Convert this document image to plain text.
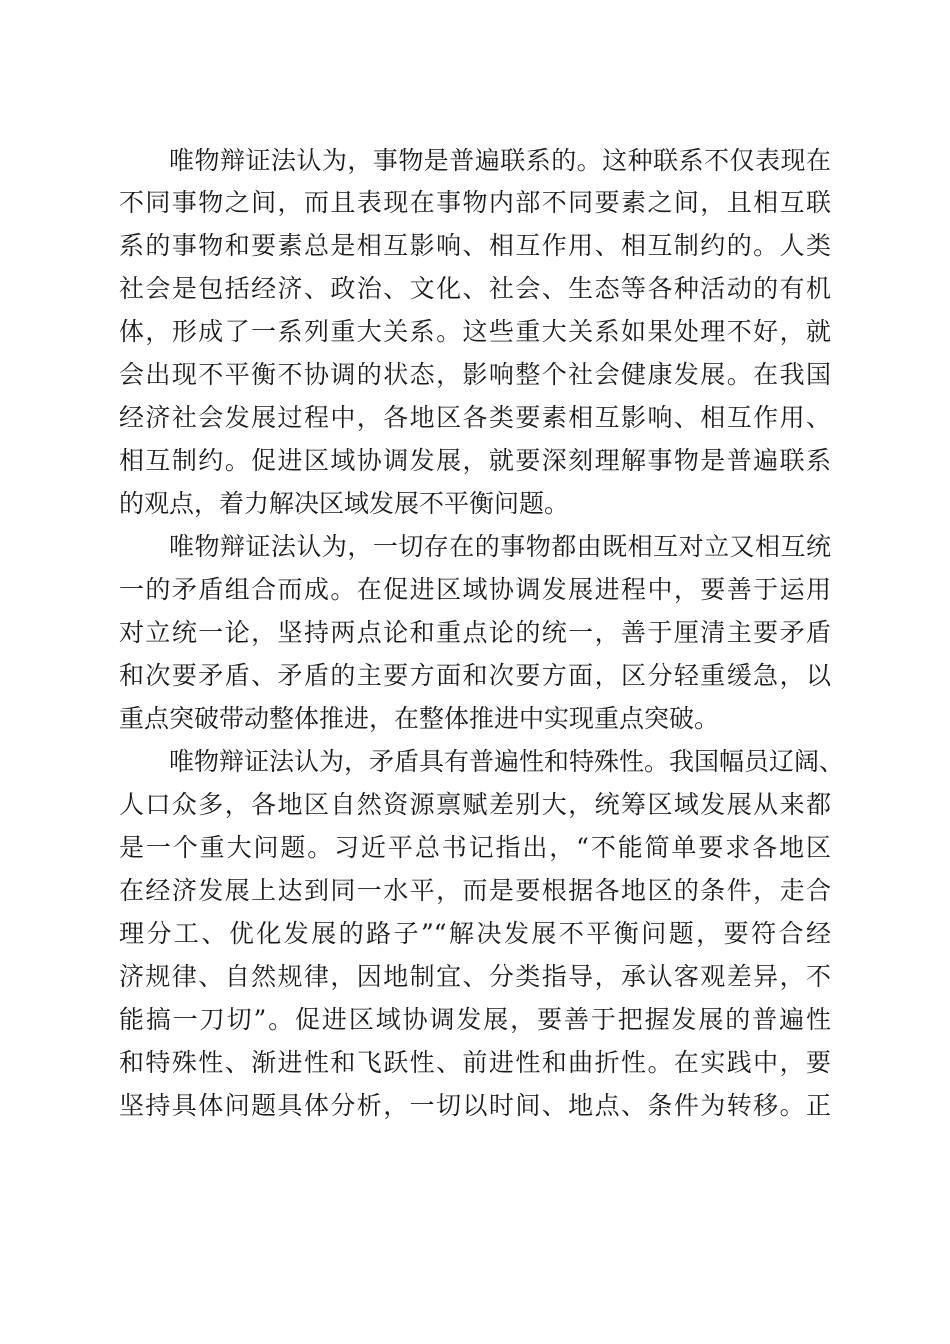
唯物辩证法认为，事物是普遍联系的。这种联系不仅表现在
不同事物之间，而且表现在事物内部不同要素之间，且相互联
系的事物和要素总是相互影响、相互作用、相互制约的。人类
社会是包括经济、政治、文化、社会、生态等各种活动的有机
体，形成了一系列重大关系。这些重大关系如果处理不好，就
会出现不平衡不协调的状态，影响整个社会健康发展。在我国
经济社会发展过程中，各地区各类要素相互影响、相互作用、
相互制约。促进区域协调发展，就要深刻理解事物是普遍联系
的观点，着力解决区域发展不平衡问题。
唯物辩证法认为，一切存在的事物都由既相互对立又相互统
一的矛盾组合而成。在促进区域协调发展进程中，要善于运用
对立统一论，坚持两点论和重点论的统一，善于厘清主要矛盾
和次要矛盾、矛盾的主要方面和次要方面，区分轻重缓急，以
重点突破带动整体推进，在整体推进中实现重点突破。
唯物辩证法认为，矛盾具有普遍性和特殊性。我国幅员辽阔、
人口众多，各地区自然资源禀赋差别大，统筹区域发展从来都
是一个重大问题。习近平总书记指出，“不能简单要求各地区
在经济发展上达到同一水平，而是要根据各地区的条件，走合
理分工、优化发展的路子”“解决发展不平衡问题，要符合经
济规律、自然规律，因地制宜、分类指导，承认客观差异，不
能搞一刀切”。促进区域协调发展，要善于把握发展的普遍性
和特殊性、渐进性和飞跃性、前进性和曲折性。在实践中，要
坚持具体问题具体分析，一切以时间、地点、条件为转移。正
